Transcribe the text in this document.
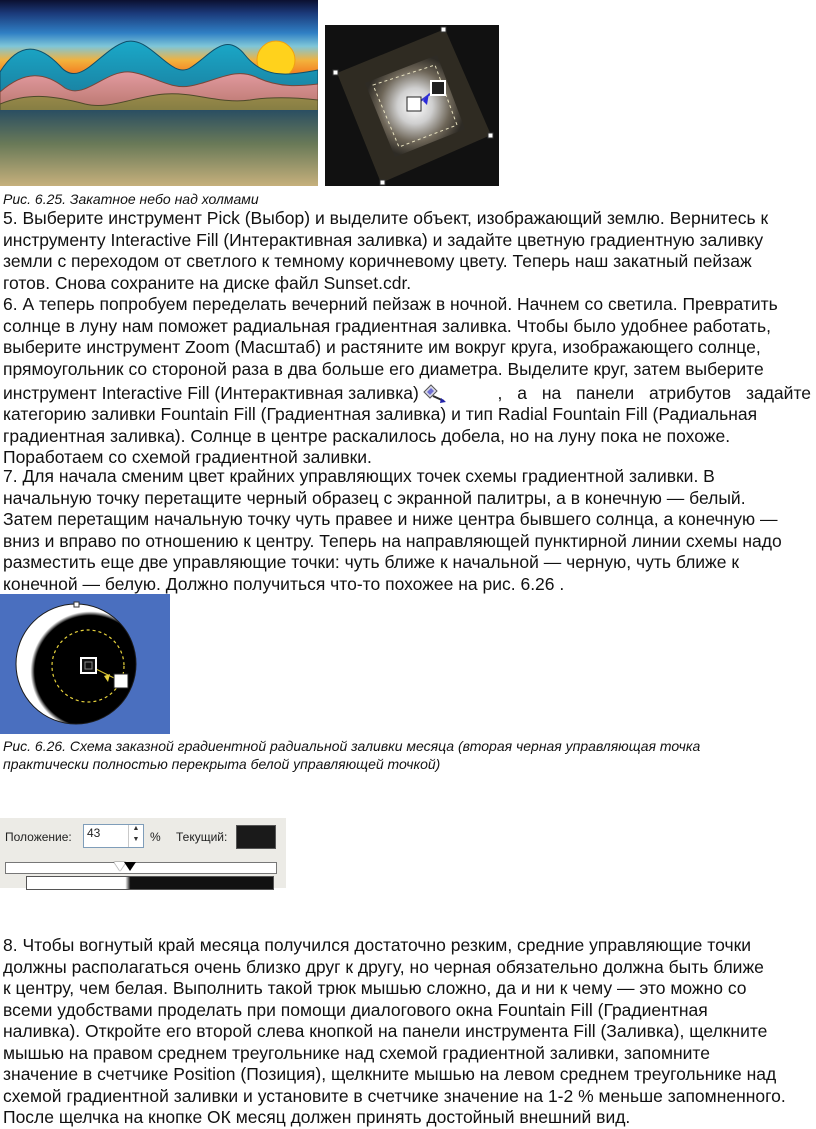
Рис. 6.25. Закатное небо над холмами
5. Выберите инструмент Pick (Выбор) и выделите объект, изображающий землю. Вернитесь к
инструменту Interactive Fill (Интерактивная заливка) и задайте цветную градиентную заливку
земли с переходом от светлого к темному коричневому цвету. Теперь наш закатный пейзаж
готов. Снова сохраните на диске файл Sunset.cdr.
6. А теперь попробуем переделать вечерний пейзаж в ночной. Начнем со светила. Превратить
солнце в луну нам поможет радиальная градиентная заливка. Чтобы было удобнее работать,
выберите инструмент Zoom (Масштаб) и растяните им вокруг круга, изображающего солнце,
прямоугольник со стороной раза в два больше его диаметра. Выделите круг, затем выберите
инструмент Interactive Fill (Интерактивная заливка)	, а на панели атрибутов задайте
категорию заливки Fountain Fill (Градиентная заливка) и тип Radial Fountain Fill (Радиальная
градиентная заливка). Солнце в центре раскалилось добела, но на луну пока не похоже.
Поработаем со схемой градиентной заливки.
7. Для начала сменим цвет крайних управляющих точек схемы градиентной заливки. В
начальную точку перетащите черный образец с экранной палитры, а в конечную — белый.
Затем перетащим начальную точку чуть правее и ниже центра бывшего солнца, а конечную —
вниз и вправо по отношению к центру. Теперь на направляющей пунктирной линии схемы надо
разместить еще две управляющие точки: чуть ближе к начальной — черную, чуть ближе к
конечной — белую. Должно получиться что-то похожее на рис. 6.26 .
Рис. 6.26. Схема заказной градиентной радиальной заливки месяца (вторая черная управляющая точка
практически полностью перекрыта белой управляющей точкой)
Положение:	43	▲
▼ % Текущий:
8. Чтобы вогнутый край месяца получился достаточно резким, средние управляющие точки
должны располагаться очень близко друг к другу, но черная обязательно должна быть ближе
к центру, чем белая. Выполнить такой трюк мышью сложно, да и ни к чему — это можно со
всеми удобствами проделать при помощи диалогового окна Fountain Fill (Градиентная
наливка). Откройте его второй слева кнопкой на панели инструмента Fill (Заливка), щелкните
мышью на правом среднем треугольнике над схемой градиентной заливки, запомните
значение в счетчике Position (Позиция), щелкните мышью на левом среднем треугольнике над
схемой градиентной заливки и установите в счетчике значение на 1-2 % меньше запомненного.
После щелчка на кнопке ОК месяц должен принять достойный внешний вид.
